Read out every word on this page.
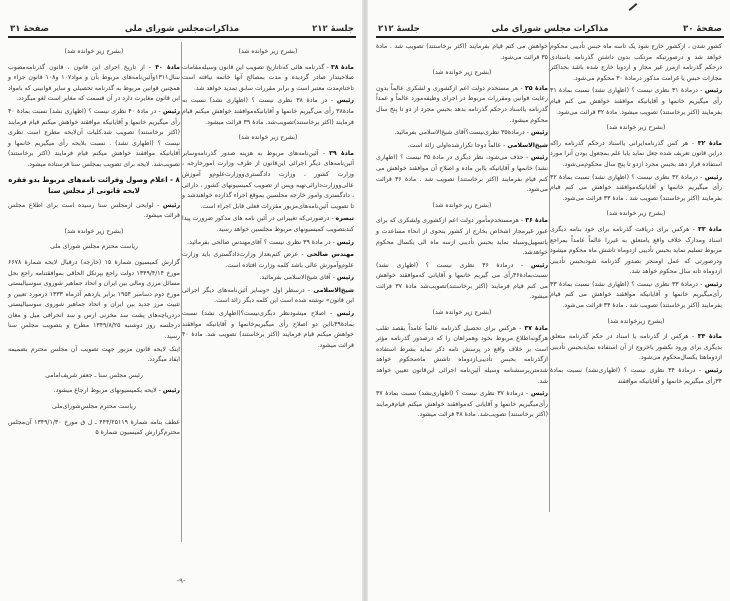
جلسهٔ ۲۱۲
مذاکرات‌مجلس شورای ملی
صفحهٔ ۳۱

(بشرح زیر خوانده شد)

مادهٔ ۳۸ - گذرنامه هائی که‌تاتاریخ تصویب این قانون وسیله‌مقامات صلاحیتدار صادر گردیده و مدت بمصالح آنها خاتمه نیافته است تاختام‌مدت معتبر است و برابر مقررات سابق تمدید خواهد شد.

رئیس - در مادهٔ ۳۸ نظری نیست ؟ (اظهاری نشد) نسبت به مادهٔ۳۸ رأی می‌گیریم خانمها و آقایانیکه‌موافقند خواهش میکنم قیام فرمایند (اکثر برخاستند)تصویب‌شد. مادهٔ ۳۹ قرائت میشود.

(بشرح زیر خوانده شد)

مادهٔ ۳۹ - آئین‌نامه‌های مربوط به هزینه صدور گذرنامه‌وسایر آئین‌نامه‌های دیگر اجرائی این‌قانون از طرف وزارت امورخارجه ، وزارت کشور ، وزارت دادگستری‌ووزارت‌علوم‌و آموزش عالی‌ووزارت‌دارائی‌تهیه وپس از تصویب کمیسیونهای کشور ، دارائی ، دادگستری وامور خارجه مجلسین بموقع اجراء گذارده خواهندشد و تا تصویب آئین‌نامه‌های‌مزبور مقررات فعلی قابل اجراء است.

تبصره - درصورتی‌که تغییراتی در آئین نامه های مذکور ضرورت پیدا کند‌بتصویب کمیسیونهای مربوط مجلسین خواهد رسید.

رئیس - در مادهٔ ۳۹ نظری نیست ؟ آقای‌مهندس صالحی بفرمائید.

مهندس صالحی - عرض کنم‌بعداز وزارت‌دادگستری باید وزارت علوم‌وآموزش عالی باشد کلمه وزارت افتاده است.

رئیس - آقای شیخ‌الاسلامی بفرمائید.

شیخ‌الاسلامی - درسطر اول «وسایر آئین‌نامه‌های دیگر اجرائی این قانون» نوشته شده است این کلمه دیگر زائد است.

رئیس - اصلاح میشود‌نظر دیگری‌نیست‌؟(اظهاری نشد) نسبت بمادهٔ۳۹بااین دو اصلاح رأی میگیریم‌خانمها و آقایانیکه موافقند خواهش میکنم قیام فرمایند (اکثر برخاستند) تصویب شد. مادهٔ ۴۰ قرائت میشود.

(بشرح زیر خوانده شد)

مادهٔ ۴۰ - از تاریخ اجرای این قانون ، قانون گذرنامه‌مصوب سال۱۳۱۱وآئین‌نامه‌های مربوط بآن و مواد۱۰۷ و۱۰۸ قانون جزاء و همچنین قوانین مربوط به گذرنامه تحصیلی و سایر قوانینی که بامواد این قانون مغایرت دارد در آن قسمت که مغایر است لغو میگردد.

رئیس - در مادهٔ ۴۰ نظری نیست ؟ (اظهاری نشد) نسبت بمادهٔ ۴۰ رأی میگیریم خانمها و آقایانیکه موافقند خواهش میکنم قیام فرمایند (اکثر برخاستند) تصویب شد.کلیات آن‌لایحه مطرح است نظری نیست ؟ (اظهاری نشد) . نسبت بلایحه رأی میگیریم خانمها و آقایانیکه موافقند خواهش میکنم قیام فرمایند (اکثر برخاستند) تصویب‌شد. لایحه برای تصویب بمجلس سنا فرستاده میشود.

۸ - اعلام وصول وقرائت نامه‌های مربوط بدو فقره لایحه قانونی از مجلس سنا

رئیس - لوایحی ازمجلس سنا رسیده است برای اطلاع مجلس قرائت میشود.

(بشرح زیر خوانده شد)

ریاست محترم مجلس شورای ملی

گزارش کمیسیون شمارهٔ ۱۵ (خارجه) درقبال لایحه شمارهٔ ۶۶۷۸ مورخ ۱۳۴۹/۴/۱۴ دولت راجع بپرتکل الحاقی بموافقتنامه راجع بحل مسائل مرزی ومالی بین ایران و اتحاد جماهیر شوروی سوسیالیستی مورخ دوم دسامبر ۱۹۵۴ برابر یازدهم آذرماه ۱۳۳۳ درمورد تعیین و تثبیت مرز جدید بین ایران و اتحاد جماهیر شوروی سوسیالیستی دردریاچه‌های پشت سد مخزنی ارس و سد انحرافی میل و مغان درجلسه روز دوشنبه ۱۳۴۹/۸/۲۵ مطرح و بتصویب مجلس سنا رسید.

اینک لایحه قانون مزبور جهت تصویب آن مجلس محترم بضمیمه ایفاد میگردد.

رئیس مجلس سنا ـ جعفر شریف‌امامی

رئیس - لایحه بکمیسیونهای مربوط ارجاع میشود.

ریاست محترم مجلس‌شورای‌ملی

عطف بنامه شمارهٔ ۴۴۴/۲۵۱۱۹ ـ ل ق مورخ ۱۳۴۹/۱/۳۰ آن‌مجلس محترم‌گزارش کمیسیون شمارهٔ ۵

-۹-
صفحهٔ ۳۰
مذاکرات مجلس شورای ملی
جلسهٔ ۲۱۲

کشور شدن ، ازکشور خارج شود یک تاسه ماه حبس تأدیبی محکوم خواهد شد و درصورتیکه مرتکب بدون داشتن گذرنامه یاسنادی درحکم گذرنامه ازمرز غیر مجاز و اردویا خارج شده باشد بحداکثر مجازات حبس یا غرامت مذکور درمادهٔ ۳۰ محکوم می‌شود.

رئیس - درمادهٔ ۳۱ نظری نیست ؟ (اظهاری نشد) نسبت بمادهٔ ۳۱ رأی میگیریم خانمها و آقایانیکه موافقند خواهش می کنم قیام بفرمایند (اکثر برخاستند) تصویب‌ میشود. مادهٔ ۳۲ قرائت می‌شود.

(بشرح زیر خوانده شد)

مادهٔ ۳۲ - هر کس گذرنامه‌ایرانی یااسناد درحکم گذرنامه راکه دراین قانون تعریف شده جعل نماید یابا علم بمجعول بودن آنرا مورد استفاده قرار دهد بحبس مجرد ازدو تا پنج سال محکوم‌می‌شود.

رئیس - درمادهٔ ۳۲ نظری نیست ؟ (اظهاری نشد) نسبت بمادهٔ ۳۲ رأی میگیریم خانمها و آقایانیکه‌موافقند خواهش می کنم قیام بفرمایند (اکثر برخاستند) تصویب شد . مادهٔ ۳۳ قرائت می‌شود.

(بشرح زیر خوانده شد)

مادهٔ ۳۳ - هرکس برای دریافت گذرنامه برای خود بنامه دیگری اسناد ومدارک خلاف واقع یامتعلق به غیررا عالماً عامداً بمراجع مربوط تسلیم نماید بحبس تأدیبی ازدوماه تاشش ماه محکوم میشود ودرصورتی که عمل اومنجر بصدور گذرنامه شود‌بحبس تأدیبی ازدوماه تانه سال محکوم خواهد شد.

رئیس - درمادهٔ ۳۳ نظری نیست ؟ (اظهاری نشد) نسبت بمادهٔ ۳۳ رأی‌میگیریم خانمها و آقایانیکه موافقند خواهش می کنم قیام بفرمایند (اکثر برخاستند) تصویب شد . مادهٔ ۳۴ قرائت می‌شود.

(بشرح زیرخوانده شد)

مادهٔ ۳۴ - هرکس از گذرنامه یا اسناد در حکم گذرنامه متعلق بدیگری برای ورود بکشور یاخروج از آن استفاده نماید‌بحبس تأدیبی ازدوماهتا یکسال‌محکوم می‌شود.

رئیس - درمادهٔ ۳۴ نظری نیست ؟ (اظهاری‌نشد) نسبت بمادهٔ ۳۴رأی میگیریم خانمها و آقایانیکه موافقند

خواهش می کنم قیام بفرمایند (اکثر برخاستند) تصویب شد . مادهٔ ۳۵ قرائت می‌شود.

(بشرح زیر خوانده شد)

مادهٔ ۳۵ - هر مستخدم دولت اعم ازکشوری و لشکری عالماً بدون رعایت قوانین ومقررات مربوط در اجرای وظیفه‌مورد عالماً و عمداً گذرنامه یااسناد درحکم گذرنامه بدهد بحبس مجرد از دو تا پنج سال محکوم میشود.

رئیس - درمادهٔ۳۵ نظری‌نیست؟آقای شیخ‌الاسلامی بفرمائید.

شیخ‌الاسلامی - عالماً دوجا تکرارشده‌اولی زائد است.

رئیس - حذف می‌شود، نظر دیگری در مادهٔ ۳۵ نیست ؟ (اظهاری نشد) خانمها و آقایانیکه بااین ماده و اصلاح آن موافقند خواهش می کنم قیام بفرمایند (اکثر برخاستند) تصویب شد . مادهٔ ۳۶ قرائت می‌شود.

(بشرح زیر خوانده شد)

مادهٔ ۳۶ - هرمستخدم‌مأمور دولت اعم ازکشوری ولشکری که برای عبور غیرمجاز اشخاص بخارج از کشور بنحوی از انحاء مساعدت و یاتسهیل‌وسیله نماید بحبس تأدیبی ازسه ماه الی یکسال محکوم خواهدشد.

رئیس - درمادهٔ ۳۶ نظری نیست ؟ (اظهاری نشد) نسبت‌بمادهٔ۳۶رأی می گیریم خانمها و آقایانی که‌موافقند خواهش می کنم قیام فرمایند (اکثر برخاستند)تصویب‌شد مادهٔ ۳۷ قرائت میشود.

(بشرح زیر خوانده شد)

مادهٔ ۳۷ - هرکس برای تحصیل گذرنامه عالماً عامداً بقصد تقلب هرگونه‌اطلاع مربوط بخود وهمراهان را که درصدور گذرنامه مؤثر است بر خلاف واقع در پرسش نامه ذکر نماید بشرط استفاده ازگذرنامه بحبس تأدیبی‌ازدوماه تاشش ماه‌محکوم خواهد شدمتن‌پرسشنامه وسیله آئین‌نامه اجرائی این‌قانون تعیین خواهد شد.

رئیس - درمادهٔ ۳۷ نظری نیست ؟ (اظهاری‌نشد) نسبت بمادهٔ ۳۷ رأی‌میگیریم خانمها و آقایانی که‌موافقند خواهش میکنم قیام‌فرمایند (اکثر برخاستند) تصویب‌شد. مادهٔ ۳۸ قرائت میشود.
